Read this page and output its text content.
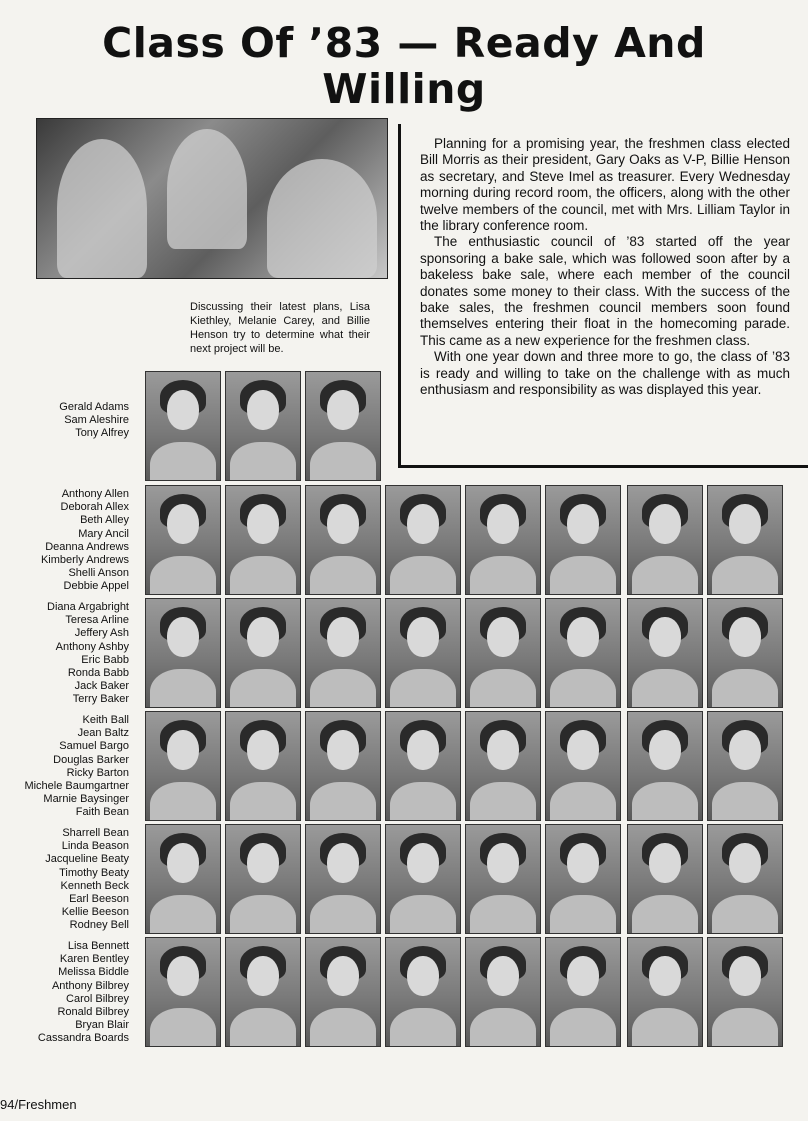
Class Of ’83 — Ready And
Willing
Discussing their latest plans, Lisa Kiethley, Melanie Carey, and Billie Henson try to determine what their next project will be.

Planning for a promising year, the freshmen class elected Bill Morris as their president, Gary Oaks as V-P, Billie Henson as secretary, and Steve Imel as treasurer. Every Wednesday morning during record room, the officers, along with the other twelve members of the council, met with Mrs. Lilliam Taylor in the library conference room.

The enthusiastic council of ’83 started off the year sponsoring a bake sale, which was followed soon after by a bakeless bake sale, where each member of the council donates some money to their class. With the success of the bake sales, the freshmen council members soon found themselves entering their float in the homecoming parade. This came as a new experience for the freshmen class.

With one year down and three more to go, the class of ’83 is ready and willing to take on the challenge with as much enthusiasm and responsibility as was displayed this year.

Gerald Adams
Sam Aleshire
Tony Alfrey
Anthony Allen
Deborah Allex
Beth Alley
Mary Ancil
Deanna Andrews
Kimberly Andrews
Shelli Anson
Debbie Appel
Diana Argabright
Teresa Arline
Jeffery Ash
Anthony Ashby
Eric Babb
Ronda Babb
Jack Baker
Terry Baker
Keith Ball
Jean Baltz
Samuel Bargo
Douglas Barker
Ricky Barton
Michele Baumgartner
Marnie Baysinger
Faith Bean
Sharrell Bean
Linda Beason
Jacqueline Beaty
Timothy Beaty
Kenneth Beck
Earl Beeson
Kellie Beeson
Rodney Bell
Lisa Bennett
Karen Bentley
Melissa Biddle
Anthony Bilbrey
Carol Bilbrey
Ronald Bilbrey
Bryan Blair
Cassandra Boards
94/Freshmen
